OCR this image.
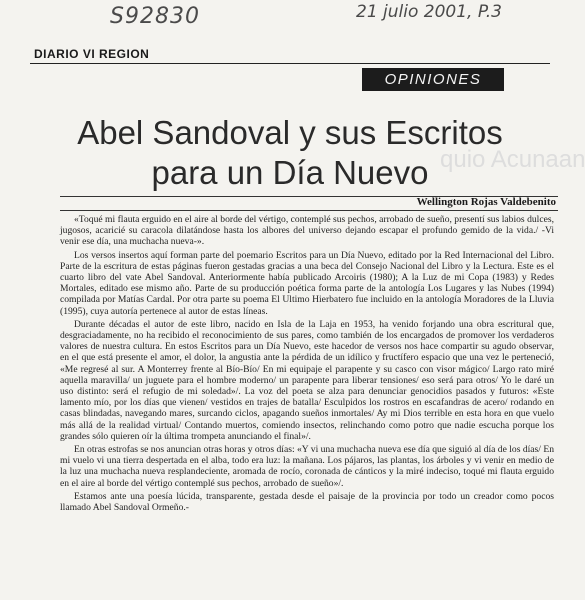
S92830	21 julio 2001, P.3
DIARIO VI REGION
OPINIONES
quio Acunaan
Abel Sandoval y sus Escritos
para un Día Nuevo
Wellington Rojas Valdebenito

«Toqué mi flauta erguido en el aire al borde del vértigo, contemplé sus pechos, arrobado de sueño, presentí sus labios dulces, jugosos, acaricié su caracola dilatándose hasta los albores del universo dejando escapar el profundo gemido de la vida./ -Vi venir ese día, una muchacha nueva-».

Los versos insertos aquí forman parte del poemario Escritos para un Día Nuevo, editado por la Red Internacional del Libro. Parte de la escritura de estas páginas fueron gestadas gracias a una beca del Consejo Nacional del Libro y la Lectura. Este es el cuarto libro del vate Abel Sandoval. Anteriormente había publicado Arcoiris (1980); A la Luz de mi Copa (1983) y Redes Mortales, editado ese mismo año. Parte de su producción poética forma parte de la antología Los Lugares y las Nubes (1994) compilada por Matías Cardal. Por otra parte su poema El Ultimo Hierbatero fue incluido en la antología Moradores de la Lluvia (1995), cuya autoría pertenece al autor de estas líneas.

Durante décadas el autor de este libro, nacido en Isla de la Laja en 1953, ha venido forjando una obra escritural que, desgraciadamente, no ha recibido el reconocimiento de sus pares, como también de los encargados de promover los verdaderos valores de nuestra cultura. En estos Escritos para un Día Nuevo, este hacedor de versos nos hace compartir su agudo observar, en el que está presente el amor, el dolor, la angustia ante la pérdida de un idílico y fructífero espacio que una vez le perteneció, «Me regresé al sur. A Monterrey frente al Bío-Bío/ En mi equipaje el parapente y su casco con visor mágico/ Largo rato miré aquella maravilla/ un juguete para el hombre moderno/ un parapente para liberar tensiones/ eso será para otros/ Yo le daré un uso distinto: será el refugio de mi soledad»/. La voz del poeta se alza para denunciar genocidios pasados y futuros: «Este lamento mío, por los días que vienen/ vestidos en trajes de batalla/ Esculpidos los rostros en escafandras de acero/ rodando en casas blindadas, navegando mares, surcando ciclos, apagando sueños inmortales/ Ay mi Dios terrible en esta hora en que vuelo más allá de la realidad virtual/ Contando muertos, comiendo insectos, relinchando como potro que nadie escucha porque los grandes sólo quieren oír la última trompeta anunciando el final»/.

En otras estrofas se nos anuncian otras horas y otros días: «Y vi una muchacha nueva ese día que siguió al día de los días/ En mi vuelo vi una tierra despertada en el alba, todo era luz: la mañana. Los pájaros, las plantas, los árboles y vi venir en medio de la luz una muchacha nueva resplandeciente, aromada de rocío, coronada de cánticos y la miré indeciso, toqué mi flauta erguido en el aire al borde del vértigo contemplé sus pechos, arrobado de sueño»/.

Estamos ante una poesía lúcida, transparente, gestada desde el paisaje de la provincia por todo un creador como pocos llamado Abel Sandoval Ormeño.-
